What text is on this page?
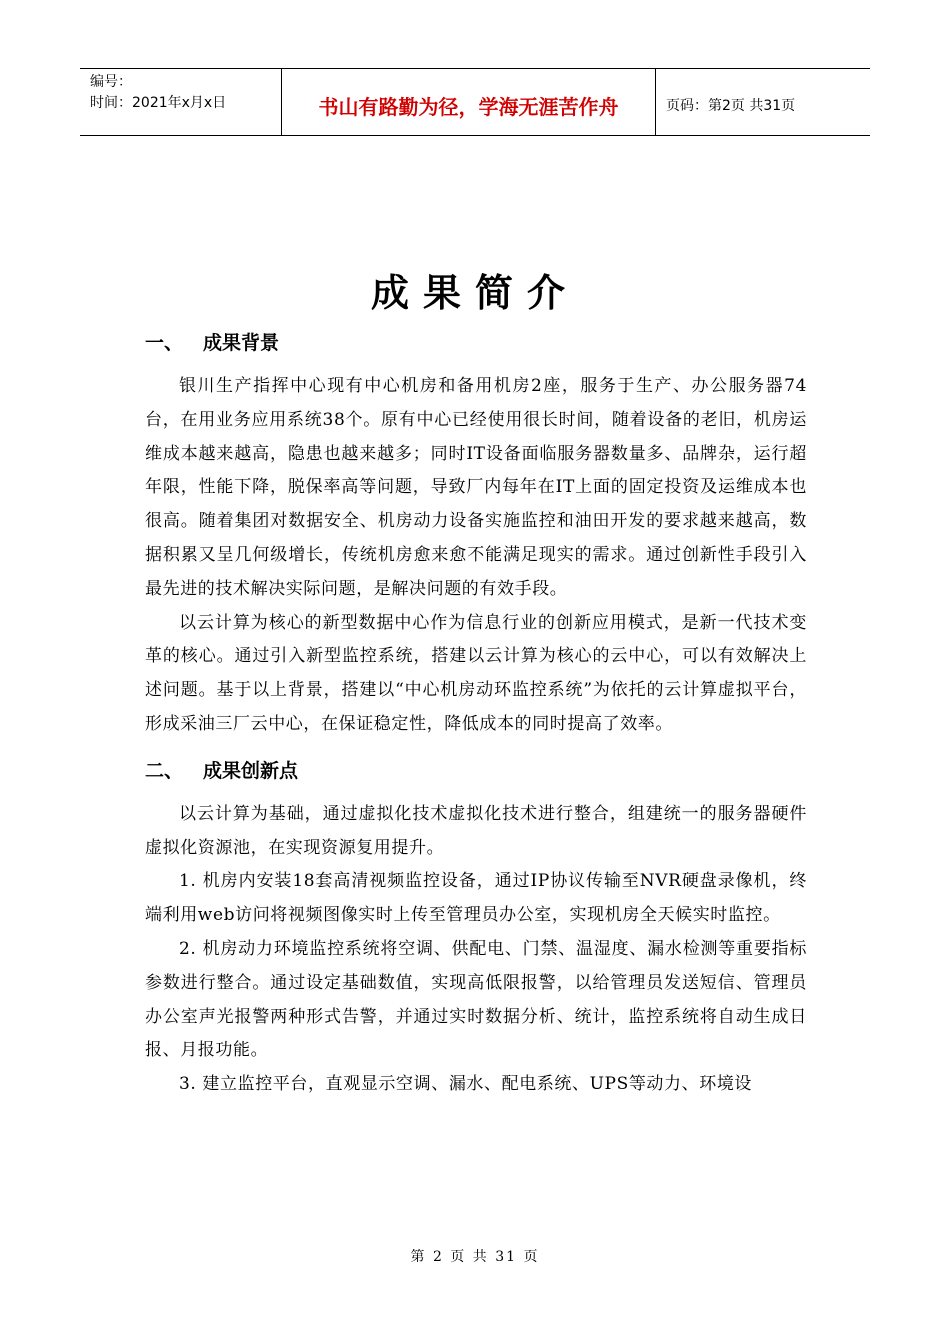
编号：
时间：2021年x月x日	书山有路勤为径，学海无涯苦作舟	页码：第2页 共31页
成果简介
一、 成果背景

银川生产指挥中心现有中心机房和备用机房2座，服务于生产、办公服务器74台，在用业务应用系统38个。原有中心已经使用很长时间，随着设备的老旧，机房运维成本越来越高，隐患也越来越多；同时IT设备面临服务器数量多、品牌杂，运行超年限，性能下降，脱保率高等问题，导致厂内每年在IT上面的固定投资及运维成本也很高。随着集团对数据安全、机房动力设备实施监控和油田开发的要求越来越高，数据积累又呈几何级增长，传统机房愈来愈不能满足现实的需求。通过创新性手段引入最先进的技术解决实际问题，是解决问题的有效手段。

以云计算为核心的新型数据中心作为信息行业的创新应用模式，是新一代技术变革的核心。通过引入新型监控系统，搭建以云计算为核心的云中心，可以有效解决上述问题。基于以上背景，搭建以“中心机房动环监控系统”为依托的云计算虚拟平台，形成采油三厂云中心，在保证稳定性，降低成本的同时提高了效率。

二、 成果创新点

以云计算为基础，通过虚拟化技术虚拟化技术进行整合，组建统一的服务器硬件虚拟化资源池，在实现资源复用提升。

1. 机房内安装18套高清视频监控设备，通过IP协议传输至NVR硬盘录像机，终端利用web访问将视频图像实时上传至管理员办公室，实现机房全天候实时监控。

2. 机房动力环境监控系统将空调、供配电、门禁、温湿度、漏水检测等重要指标参数进行整合。通过设定基础数值，实现高低限报警，以给管理员发送短信、管理员办公室声光报警两种形式告警，并通过实时数据分析、统计，监控系统将自动生成日报、月报功能。

3. 建立监控平台，直观显示空调、漏水、配电系统、UPS等动力、环境设

第 2 页 共 31 页
